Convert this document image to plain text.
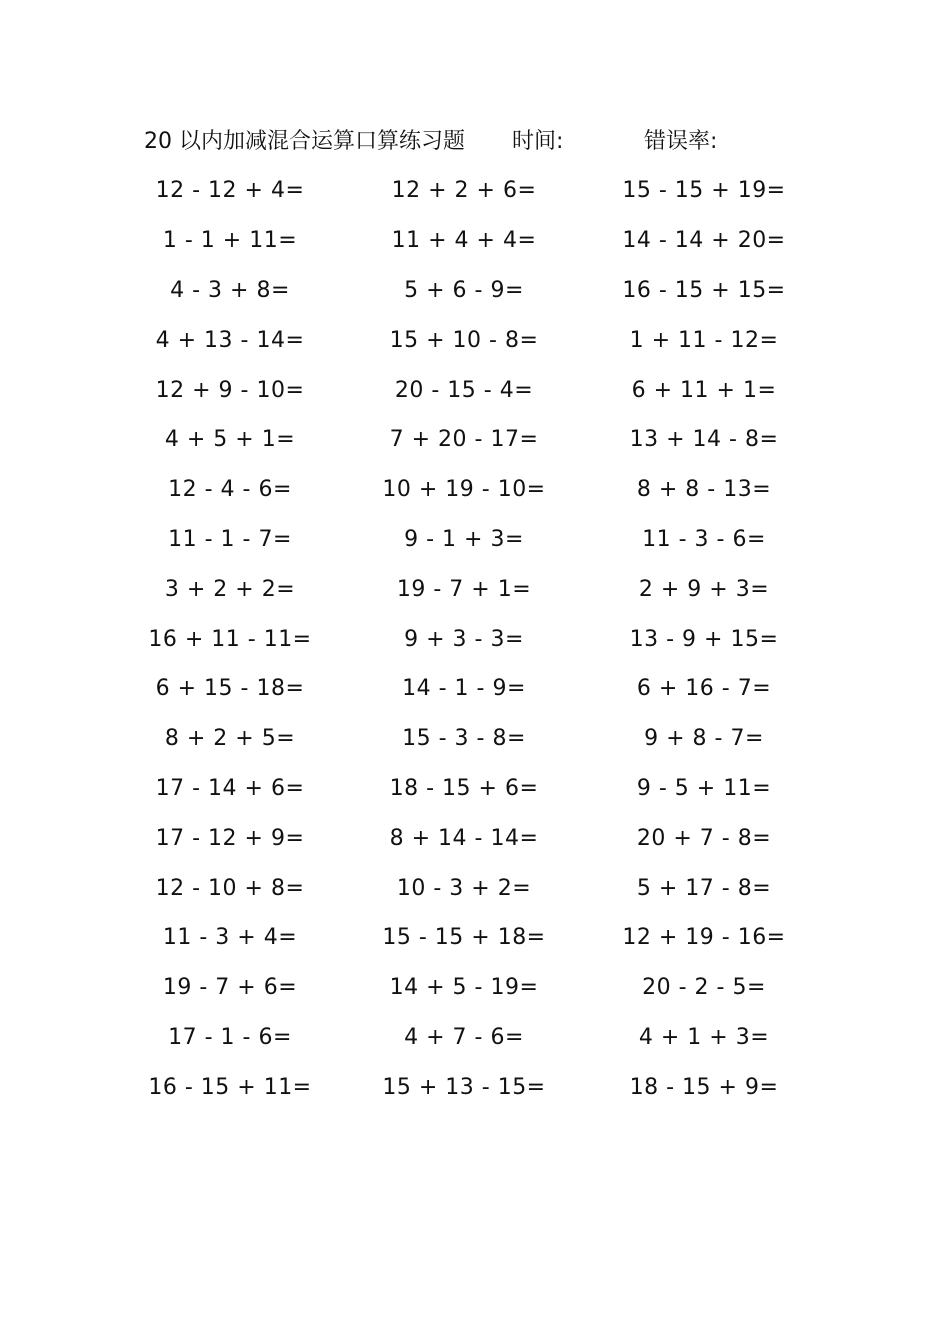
20 以内加减混合运算口算练习题 时间:	错误率:
12 - 12 + 4=	12 + 2 + 6=	15 - 15 + 19=
1 - 1 + 11=	11 + 4 + 4=	14 - 14 + 20=
4 - 3 + 8=	5 + 6 - 9=	16 - 15 + 15=
4 + 13 - 14=	15 + 10 - 8=	1 + 11 - 12=
12 + 9 - 10=	20 - 15 - 4=	6 + 11 + 1=
4 + 5 + 1=	7 + 20 - 17=	13 + 14 - 8=
12 - 4 - 6=	10 + 19 - 10=	8 + 8 - 13=
11 - 1 - 7=	9 - 1 + 3=	11 - 3 - 6=
3 + 2 + 2=	19 - 7 + 1=	2 + 9 + 3=
16 + 11 - 11=	9 + 3 - 3=	13 - 9 + 15=
6 + 15 - 18=	14 - 1 - 9=	6 + 16 - 7=
8 + 2 + 5=	15 - 3 - 8=	9 + 8 - 7=
17 - 14 + 6=	18 - 15 + 6=	9 - 5 + 11=
17 - 12 + 9=	8 + 14 - 14=	20 + 7 - 8=
12 - 10 + 8=	10 - 3 + 2=	5 + 17 - 8=
11 - 3 + 4=	15 - 15 + 18=	12 + 19 - 16=
19 - 7 + 6=	14 + 5 - 19=	20 - 2 - 5=
17 - 1 - 6=	4 + 7 - 6=	4 + 1 + 3=
16 - 15 + 11=	15 + 13 - 15=	18 - 15 + 9=
